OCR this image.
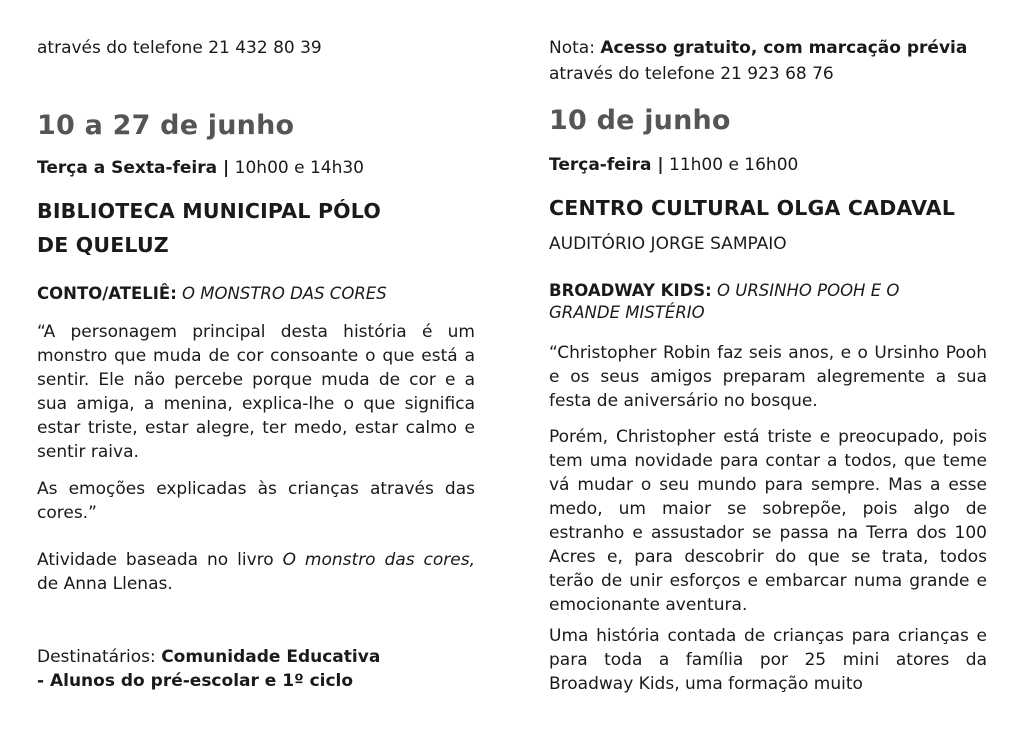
através do telefone 21 432 80 39
10 a 27 de junho
Terça a Sexta-feira | 10h00 e 14h30
BIBLIOTECA MUNICIPAL PÓLO
DE QUELUZ
CONTO/ATELIÊ: O MONSTRO DAS CORES
“A personagem principal desta história é um monstro que muda de cor consoante o que está a sentir. Ele não percebe porque muda de cor e a sua amiga, a menina, explica-lhe o que significa estar triste, estar alegre, ter medo, estar calmo e sentir raiva.
As emoções explicadas às crianças através das cores.”
Atividade baseada no livro O monstro das cores, de Anna Llenas.
Destinatários: Comunidade Educativa
- Alunos do pré-escolar e 1º ciclo
Nota: Acesso gratuito, com marcação prévia
através do telefone 21 923 68 76
10 de junho
Terça-feira | 11h00 e 16h00
CENTRO CULTURAL OLGA CADAVAL
AUDITÓRIO JORGE SAMPAIO
BROADWAY KIDS: O URSINHO POOH E O
GRANDE MISTÉRIO
“Christopher Robin faz seis anos, e o Ursinho Pooh e os seus amigos preparam alegremente a sua festa de aniversário no bosque.
Porém, Christopher está triste e preocupado, pois tem uma novidade para contar a todos, que teme vá mudar o seu mundo para sempre. Mas a esse medo, um maior se sobrepõe, pois algo de estranho e assustador se passa na Terra dos 100 Acres e, para descobrir do que se trata, todos terão de unir esforços e embarcar numa grande e emocionante aventura.
Uma história contada de crianças para crianças e para toda a família por 25 mini atores da Broadway Kids, uma formação muito
